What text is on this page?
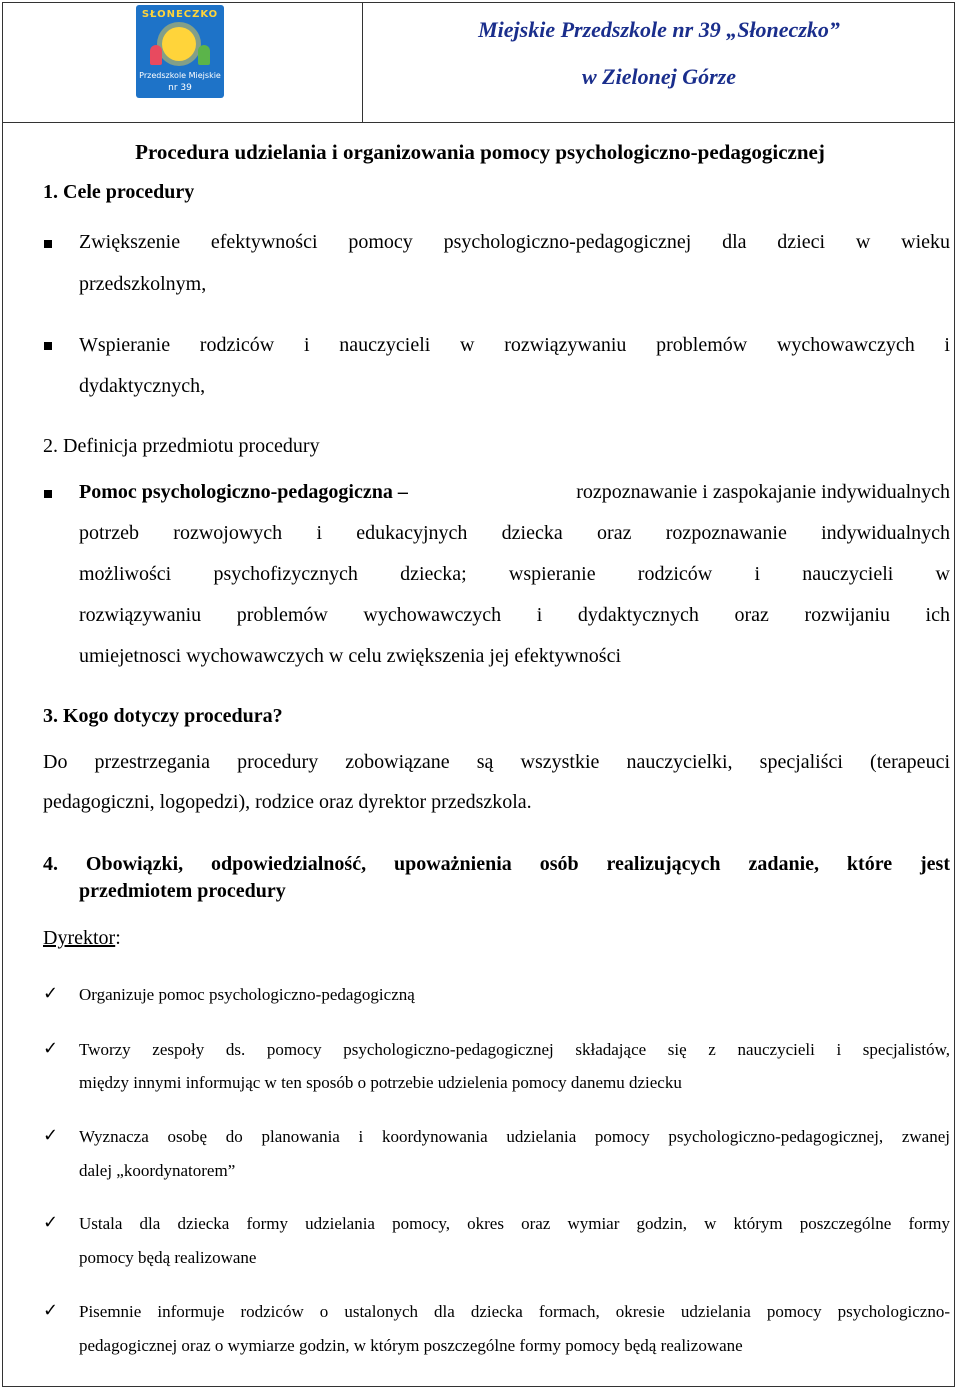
SŁONECZKO
Przedszkole Miejskie
nr 39
Miejskie Przedszkole nr 39 „Słoneczko”
w Zielonej Górze
Procedura udzielania i organizowania pomocy psychologiczno-pedagogicznej
1. Cele procedury
Zwiększenie efektywności pomocy psychologiczno-pedagogicznej dla dzieci w wieku
przedszkolnym,
Wspieranie rodziców i nauczycieli w rozwiązywaniu problemów wychowawczych i
dydaktycznych,
2. Definicja przedmiotu procedury
Pomoc psychologiczno-pedagogiczna –	rozpoznawanie i zaspokajanie indywidualnych
potrzeb rozwojowych i edukacyjnych dziecka oraz rozpoznawanie indywidualnych
możliwości psychofizycznych dziecka; wspieranie rodziców i nauczycieli w
rozwiązywaniu problemów wychowawczych i dydaktycznych oraz rozwijaniu ich
umiejetnosci wychowawczych w celu zwiększenia jej efektywności
3. Kogo dotyczy procedura?
Do przestrzegania procedury zobowiązane są wszystkie nauczycielki, specjaliści (terapeuci
pedagogiczni, logopedzi), rodzice oraz dyrektor przedszkola.
4. Obowiązki, odpowiedzialność, upoważnienia osób realizujących zadanie, które jest
przedmiotem procedury
Dyrektor:
✓ Organizuje pomoc psychologiczno-pedagogiczną
✓ Tworzy zespoły ds. pomocy psychologiczno-pedagogicznej składające się z nauczycieli i specjalistów,
między innymi informując w ten sposób o potrzebie udzielenia pomocy danemu dziecku
✓ Wyznacza osobę do planowania i koordynowania udzielania pomocy psychologiczno-pedagogicznej, zwanej
dalej „koordynatorem”
✓ Ustala dla dziecka formy udzielania pomocy, okres oraz wymiar godzin, w którym poszczególne formy
pomocy będą realizowane
✓ Pisemnie informuje rodziców o ustalonych dla dziecka formach, okresie udzielania pomocy psychologiczno-
pedagogicznej oraz o wymiarze godzin, w którym poszczególne formy pomocy będą realizowane
